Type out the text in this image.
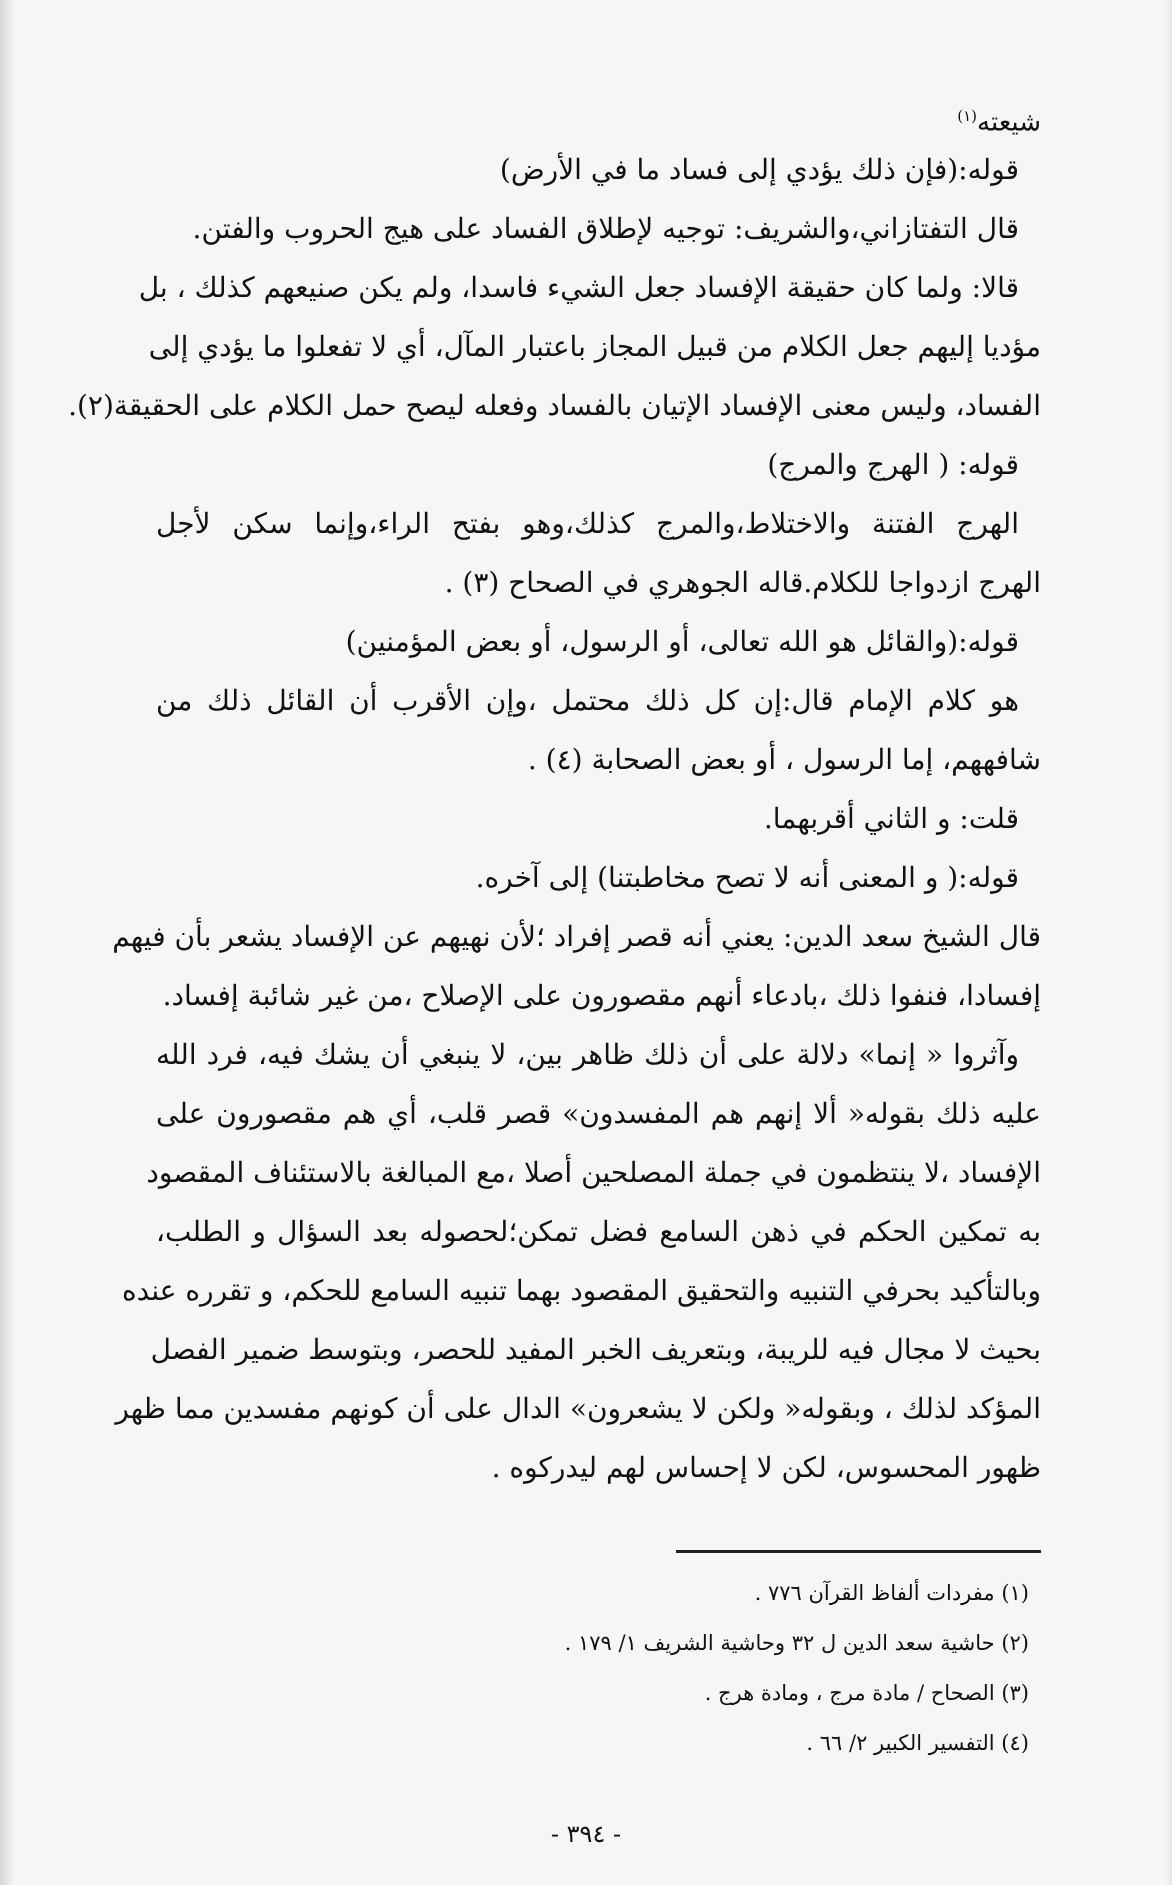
شيعته$^{(١)}$
قوله:(فإن ذلك يؤدي إلى فساد ما في الأرض)
قال التفتازاني،والشريف: توجيه لإطلاق الفساد على هيج الحروب والفتن.
قالا: ولما كان حقيقة الإفساد جعل الشيء فاسدا، ولم يكن صنيعهم كذلك ، بل
مؤديا إليهم جعل الكلام من قبيل المجاز باعتبار المآل، أي لا تفعلوا ما يؤدي إلى
الفساد، وليس معنى الإفساد الإتيان بالفساد وفعله ليصح حمل الكلام على الحقيقة(٢).
قوله: ( الهرج والمرج)
الهرج الفتنة والاختلاط،والمرج كذلك،وهو بفتح الراء،وإنما سكن لأجل
الهرج ازدواجا للكلام.قاله الجوهري في الصحاح (٣) .
قوله:(والقائل هو الله تعالى، أو الرسول، أو بعض المؤمنين)
هو كلام الإمام قال:إن كل ذلك محتمل ،وإن الأقرب أن القائل ذلك من
شافههم، إما الرسول ، أو بعض الصحابة (٤) .
قلت: و الثاني أقربهما.
قوله:( و المعنى أنه لا تصح مخاطبتنا) إلى آخره.
قال الشيخ سعد الدين: يعني أنه قصر إفراد ؛لأن نهيهم عن الإفساد يشعر بأن فيهم
إفسادا، فنفوا ذلك ،بادعاء أنهم مقصورون على الإصلاح ،من غير شائبة إفساد.
وآثروا « إنما» دلالة على أن ذلك ظاهر بين، لا ينبغي أن يشك فيه، فرد الله
عليه ذلك بقوله« ألا إنهم هم المفسدون» قصر قلب، أي هم مقصورون على
الإفساد ،لا ينتظمون في جملة المصلحين أصلا ،مع المبالغة بالاستئناف المقصود
به تمكين الحكم في ذهن السامع فضل تمكن؛لحصوله بعد السؤال و الطلب،
وبالتأكيد بحرفي التنبيه والتحقيق المقصود بهما تنبيه السامع للحكم، و تقرره عنده
بحيث لا مجال فيه للريبة، وبتعريف الخبر المفيد للحصر، وبتوسط ضمير الفصل
المؤكد لذلك ، وبقوله« ولكن لا يشعرون» الدال على أن كونهم مفسدين مما ظهر
ظهور المحسوس، لكن لا إحساس لهم ليدركوه .
(١) مفردات ألفاظ القرآن ٧٧٦ .
(٢) حاشية سعد الدين ل ٣٢ وحاشية الشريف ١/ ١٧٩ .
(٣) الصحاح / مادة مرج ، ومادة هرج .
(٤) التفسير الكبير ٢/ ٦٦ .
- ٣٩٤ -
